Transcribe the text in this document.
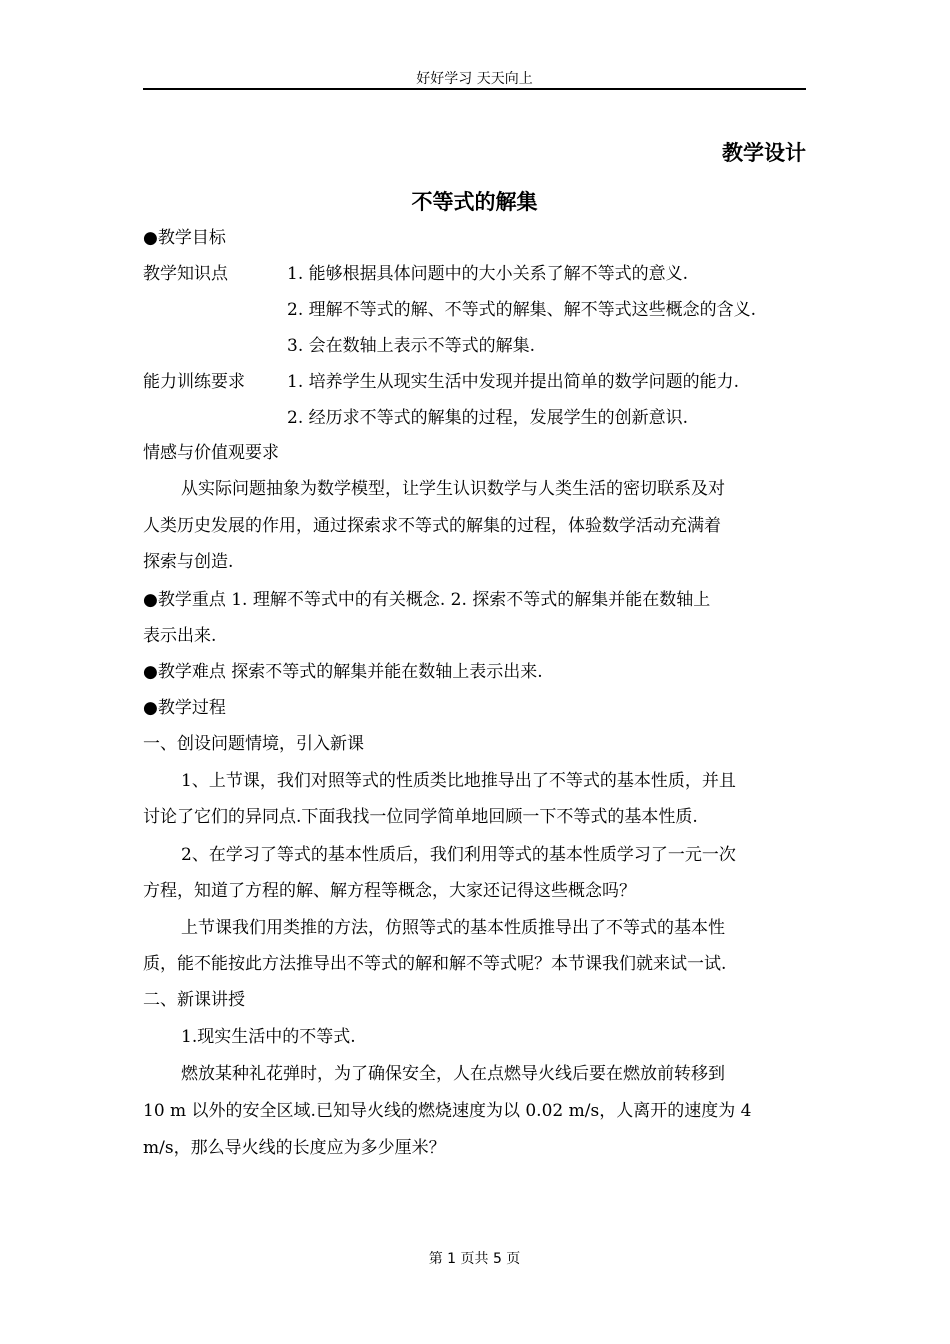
好好学习 天天向上
教学设计
不等式的解集
●教学目标
教学知识点	1. 能够根据具体问题中的大小关系了解不等式的意义.
2. 理解不等式的解、不等式的解集、解不等式这些概念的含义.
3. 会在数轴上表示不等式的解集.
能力训练要求 1. 培养学生从现实生活中发现并提出简单的数学问题的能力.
2. 经历求不等式的解集的过程，发展学生的创新意识.
情感与价值观要求
从实际问题抽象为数学模型，让学生认识数学与人类生活的密切联系及对
人类历史发展的作用，通过探索求不等式的解集的过程，体验数学活动充满着
探索与创造.
●教学重点 1. 理解不等式中的有关概念. 2. 探索不等式的解集并能在数轴上
表示出来.
●教学难点 探索不等式的解集并能在数轴上表示出来.
●教学过程
一、创设问题情境，引入新课
1、上节课，我们对照等式的性质类比地推导出了不等式的基本性质，并且
讨论了它们的异同点.下面我找一位同学简单地回顾一下不等式的基本性质.
2、在学习了等式的基本性质后，我们利用等式的基本性质学习了一元一次
方程，知道了方程的解、解方程等概念，大家还记得这些概念吗？
上节课我们用类推的方法，仿照等式的基本性质推导出了不等式的基本性
质，能不能按此方法推导出不等式的解和解不等式呢？本节课我们就来试一试.
二、新课讲授
1.现实生活中的不等式.
燃放某种礼花弹时，为了确保安全，人在点燃导火线后要在燃放前转移到
10 m 以外的安全区域.已知导火线的燃烧速度为以 0.02 m/s，人离开的速度为 4
m/s，那么导火线的长度应为多少厘米？
第 1 页共 5 页
